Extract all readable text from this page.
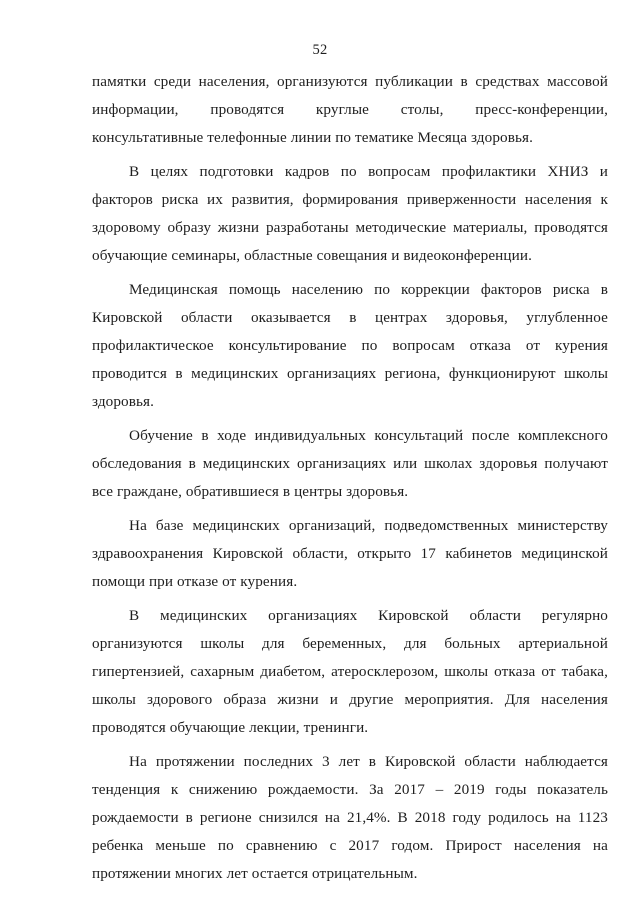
52

памятки среди населения, организуются публикации в средствах массовой информации, проводятся круглые столы, пресс-конференции, консультативные телефонные линии по тематике Месяца здоровья.

В целях подготовки кадров по вопросам профилактики ХНИЗ и факторов риска их развития, формирования приверженности населения к здоровому образу жизни разработаны методические материалы, проводятся обучающие семинары, областные совещания и видеоконференции.

Медицинская помощь населению по коррекции факторов риска в Кировской области оказывается в центрах здоровья, углубленное профилактическое консультирование по вопросам отказа от курения проводится в медицинских организациях региона, функционируют школы здоровья.

Обучение в ходе индивидуальных консультаций после комплексного обследования в медицинских организациях или школах здоровья получают все граждане, обратившиеся в центры здоровья.

На базе медицинских организаций, подведомственных министерству здравоохранения Кировской области, открыто 17 кабинетов медицинской помощи при отказе от курения.

В медицинских организациях Кировской области регулярно организуются школы для беременных, для больных артериальной гипертензией, сахарным диабетом, атеросклерозом, школы отказа от табака, школы здорового образа жизни и другие мероприятия. Для населения проводятся обучающие лекции, тренинги.

На протяжении последних 3 лет в Кировской области наблюдается тенденция к снижению рождаемости. За 2017 – 2019 годы показатель рождаемости в регионе снизился на 21,4%. В 2018 году родилось на 1123 ребенка меньше по сравнению с 2017 годом. Прирост населения на протяжении многих лет остается отрицательным.
